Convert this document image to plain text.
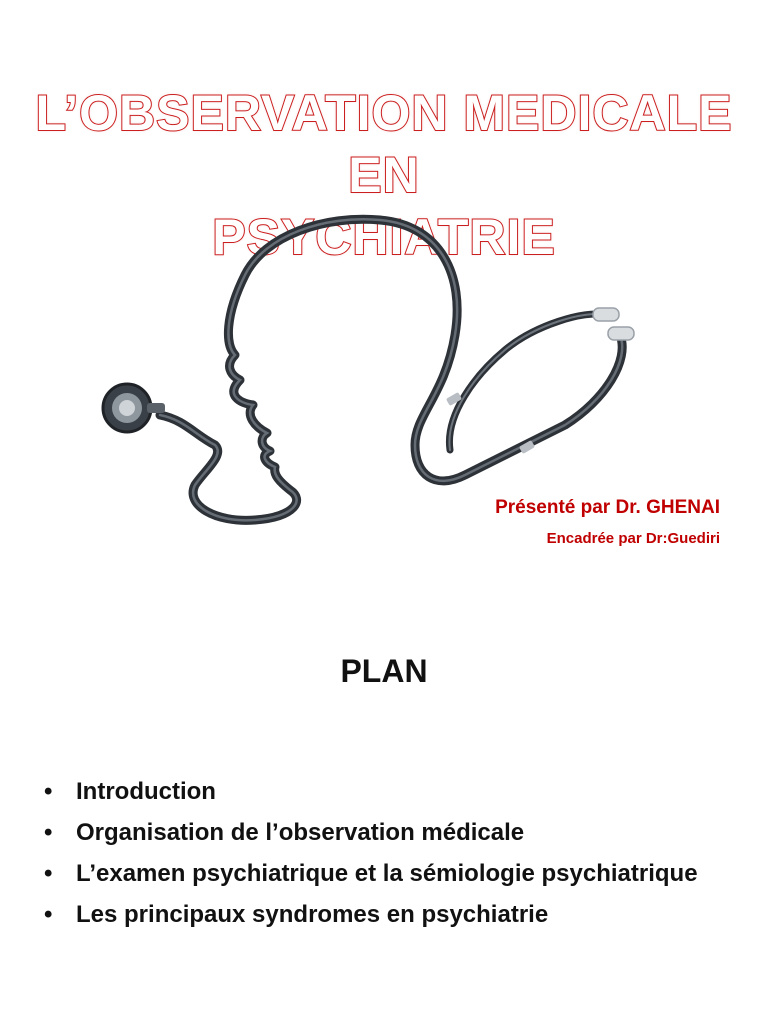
L’OBSERVATION MEDICALE EN
PSYCHIATRIE
Présenté par Dr. GHENAI
Encadrée par Dr:Guediri
PLAN
• Introduction
• Organisation de l’observation médicale
• L’examen psychiatrique et la sémiologie psychiatrique
• Les principaux syndromes en psychiatrie
